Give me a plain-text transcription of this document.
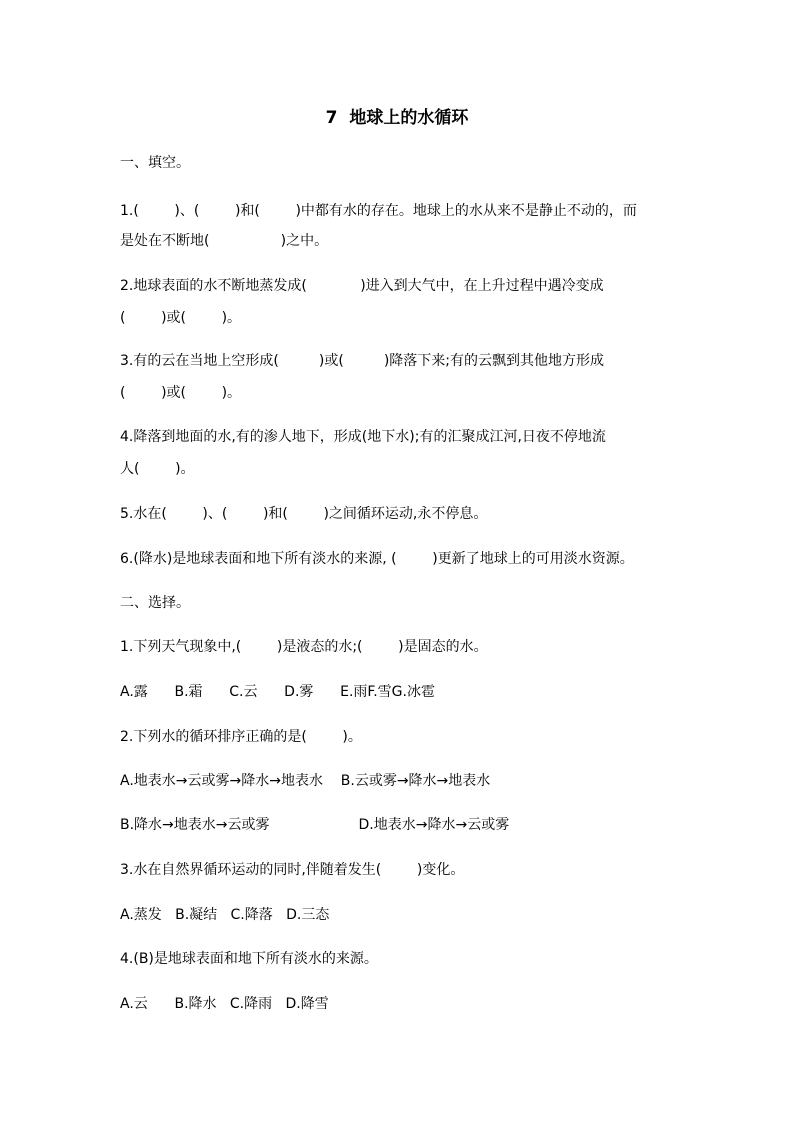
7  地球上的水循环
一、填空。
1.(        )、(        )和(        )中都有水的存在。地球上的水从来不是静止不动的，而
是处在不断地(                )之中。
2.地球表面的水不断地蒸发成(            )进入到大气中，在上升过程中遇冷变成
(        )或(        )。
3.有的云在当地上空形成(         )或(         )降落下来;有的云飘到其他地方形成
(        )或(        )。
4.降落到地面的水,有的渗人地下，形成(地下水);有的汇聚成江河,日夜不停地流
人(        )。
5.水在(        )、(        )和(        )之间循环运动,永不停息。
6.(降水)是地球表面和地下所有淡水的来源, (        )更新了地球上的可用淡水资源。
二、选择。
1.下列天气现象中,(        )是液态的水;(        )是固态的水。
A.露      B.霜      C.云      D.雾      E.雨F.雪G.冰雹
2.下列水的循环排序正确的是(        )。
A.地表水→云或雾→降水→地表水    B.云或雾→降水→地表水
B.降水→地表水→云或雾                    D.地表水→降水→云或雾
3.水在自然界循环运动的同时,伴随着发生(        )变化。
A.蒸发   B.凝结   C.降落   D.三态
4.(B)是地球表面和地下所有淡水的来源。
A.云      B.降水   C.降雨   D.降雪
